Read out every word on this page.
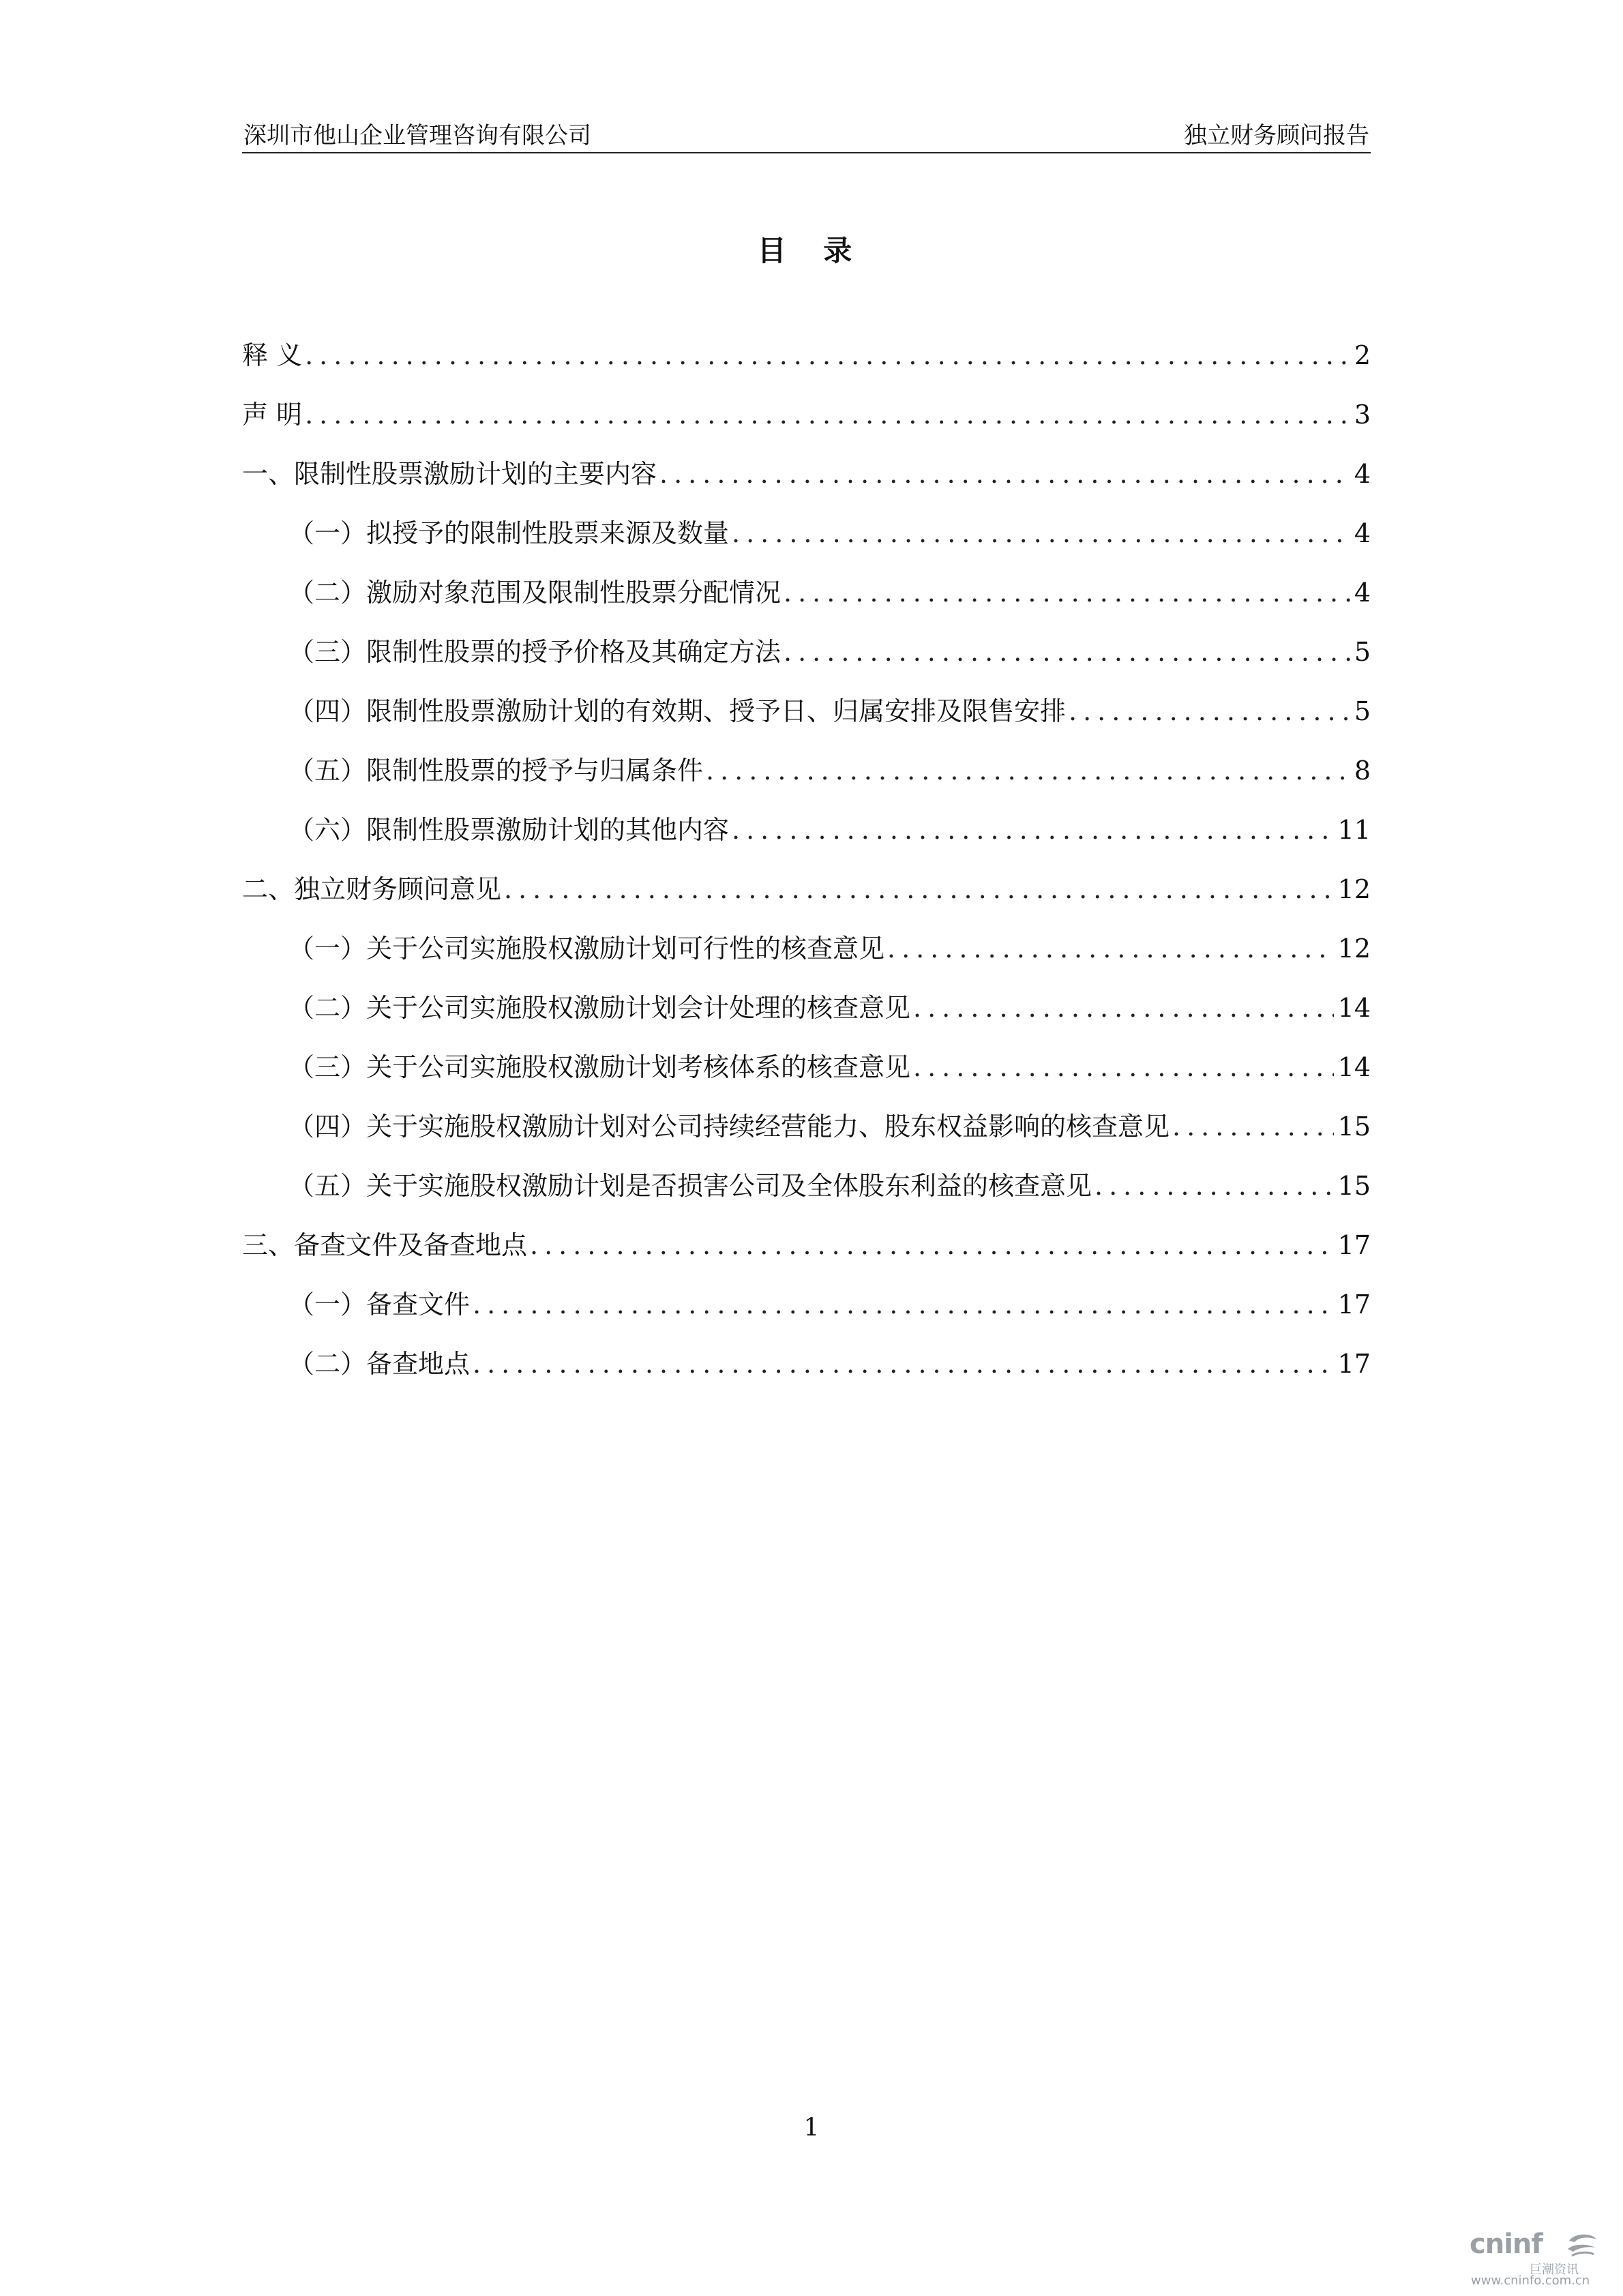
深圳市他山企业管理咨询有限公司	独立财务顾问报告
目 录
释 义 .....	2
声 明 .....	3
一、限制性股票激励计划的主要内容 .....	4
（一）拟授予的限制性股票来源及数量 .....	4
（二）激励对象范围及限制性股票分配情况 .....	4
（三）限制性股票的授予价格及其确定方法 .....	5
（四）限制性股票激励计划的有效期、授予日、归属安排及限售安排 .....	5
（五）限制性股票的授予与归属条件 .....	8
（六）限制性股票激励计划的其他内容 .....	11
二、独立财务顾问意见 .....	12
（一）关于公司实施股权激励计划可行性的核查意见 .....	12
（二）关于公司实施股权激励计划会计处理的核查意见 .....	14
（三）关于公司实施股权激励计划考核体系的核查意见 .....	14
（四）关于实施股权激励计划对公司持续经营能力、股东权益影响的核查意见 .....	15
（五）关于实施股权激励计划是否损害公司及全体股东利益的核查意见 .....	15
三、备查文件及备查地点 .....	17
（一）备查文件 .....	17
（二）备查地点 .....	17
1
cninf
巨潮资讯
www.cninfo.com.cn
